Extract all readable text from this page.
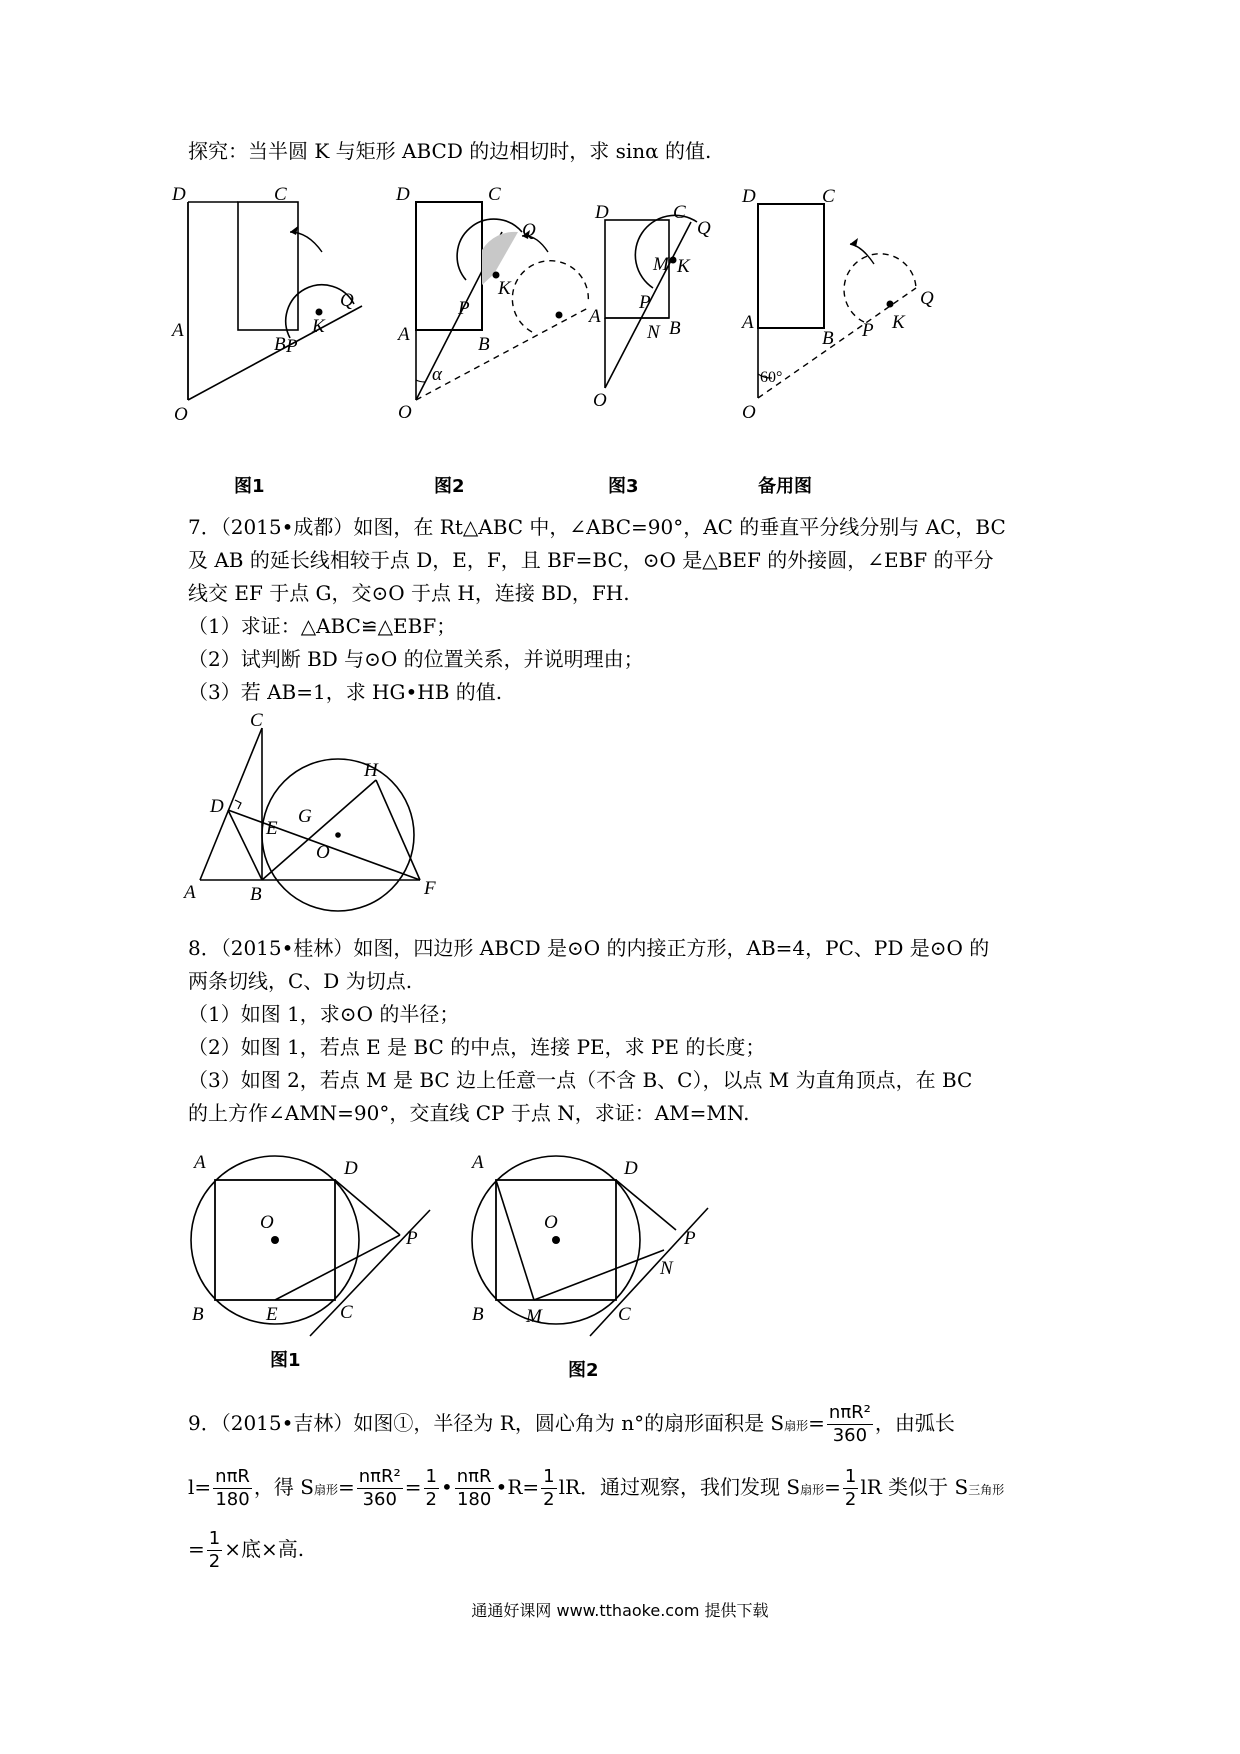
探究：当半圆 K 与矩形 ABCD 的边相切时，求 sinα 的值.
D	C
A
B
O
P
K
Q
图1
D	C
A	B
O
P
K
Q
α
图2
D	C
A
B
O
P
M K
Q
N
图3
D	C
A
B
O
P K
Q
60°
备用图
7．（2015•成都）如图，在 Rt△ABC 中，∠ABC=90°，AC 的垂直平分线分别与 AC，BC
及 AB 的延长线相较于点 D，E，F，且 BF=BC，⊙O 是△BEF 的外接圆，∠EBF 的平分
线交 EF 于点 G，交⊙O 于点 H，连接 BD，FH.
（1）求证：△ABC≌△EBF；
（2）试判断 BD 与⊙O 的位置关系，并说明理由；
（3）若 AB=1，求 HG•HB 的值.
C
D
H
G
E
O
A	B	F
8．（2015•桂林）如图，四边形 ABCD 是⊙O 的内接正方形，AB=4，PC、PD 是⊙O 的
两条切线，C、D 为切点.
（1）如图 1，求⊙O 的半径；
（2）如图 1，若点 E 是 BC 的中点，连接 PE，求 PE 的长度；
（3）如图 2，若点 M 是 BC 边上任意一点（不含 B、C），以点 M 为直角顶点，在 BC
的上方作∠AMN=90°，交直线 CP 于点 N，求证：AM=MN.
A	D
O
P
B	E	C
图1
A	D
O
P
N
B M	C
图2
9．（2015•吉林）如图①，半径为 R，圆心角为 n°的扇形面积是 S扇形= $\frac{\text{nπR²}}{360}$ ，由弧长
$l= \frac{\text{nπR}}{180}$ ，得 S扇形= $\frac{\text{nπR²}}{360} = \frac{1}{2}$ • $\frac{\text{nπR}}{180}$ •R= $\frac{1}{2}$ lR．通过观察，我们发现 S扇形= $\frac{1}{2}$ lR 类似于 S三角形
= $\frac{1}{2}$ ×底×高.
通通好课网 www.tthaoke.com 提供下载
